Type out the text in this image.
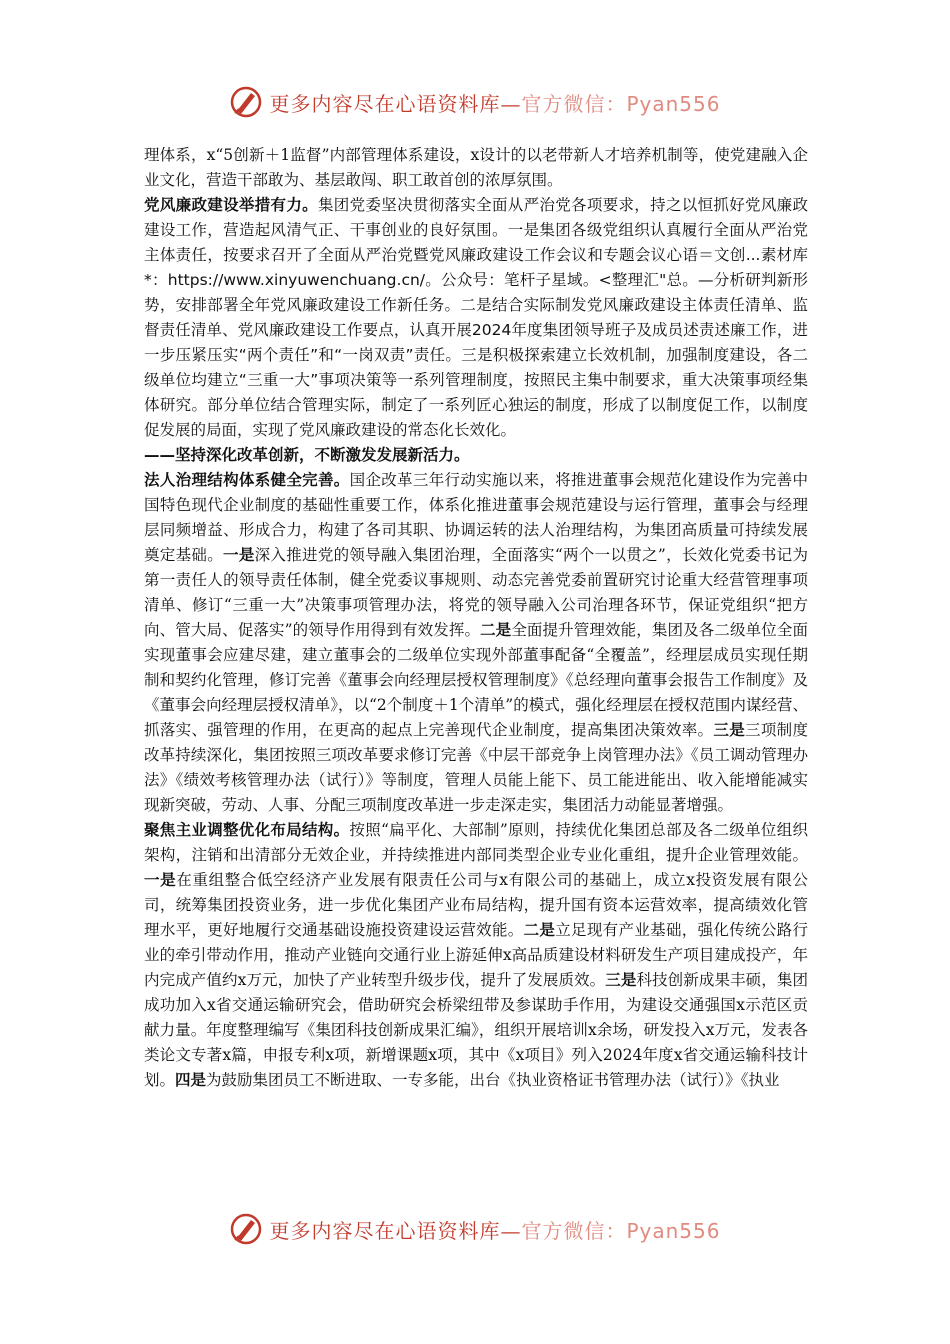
更多内容尽在心语资料库—官方微信：Pyan556

理体系，x“5创新＋1监督”内部管理体系建设，x设计的以老带新人才培养机制等，使党建融入企业文化，营造干部敢为、基层敢闯、职工敢首创的浓厚氛围。

党风廉政建设举措有力。集团党委坚决贯彻落实全面从严治党各项要求，持之以恒抓好党风廉政建设工作，营造起风清气正、干事创业的良好氛围。一是集团各级党组织认真履行全面从严治党主体责任，按要求召开了全面从严治党暨党风廉政建设工作会议和专题会议心语＝文创...素材库*：https://www.xinyuwenchuang.cn/。公众号：笔杆子星域。<整理汇"总。—分析研判新形势，安排部署全年党风廉政建设工作新任务。二是结合实际制发党风廉政建设主体责任清单、监督责任清单、党风廉政建设工作要点，认真开展2024年度集团领导班子及成员述责述廉工作，进一步压紧压实“两个责任”和“一岗双责”责任。三是积极探索建立长效机制，加强制度建设，各二级单位均建立“三重一大”事项决策等一系列管理制度，按照民主集中制要求，重大决策事项经集体研究。部分单位结合管理实际，制定了一系列匠心独运的制度，形成了以制度促工作，以制度促发展的局面，实现了党风廉政建设的常态化长效化。

——坚持深化改革创新，不断激发发展新活力。

法人治理结构体系健全完善。国企改革三年行动实施以来，将推进董事会规范化建设作为完善中国特色现代企业制度的基础性重要工作，体系化推进董事会规范建设与运行管理，董事会与经理层同频增益、形成合力，构建了各司其职、协调运转的法人治理结构，为集团高质量可持续发展奠定基础。一是深入推进党的领导融入集团治理，全面落实“两个一以贯之”，长效化党委书记为第一责任人的领导责任体制，健全党委议事规则、动态完善党委前置研究讨论重大经营管理事项清单、修订“三重一大”决策事项管理办法，将党的领导融入公司治理各环节，保证党组织“把方向、管大局、促落实”的领导作用得到有效发挥。二是全面提升管理效能，集团及各二级单位全面实现董事会应建尽建，建立董事会的二级单位实现外部董事配备“全覆盖”，经理层成员实现任期制和契约化管理，修订完善《董事会向经理层授权管理制度》《总经理向董事会报告工作制度》及《董事会向经理层授权清单》，以“2个制度＋1个清单”的模式，强化经理层在授权范围内谋经营、抓落实、强管理的作用，在更高的起点上完善现代企业制度，提高集团决策效率。三是三项制度改革持续深化，集团按照三项改革要求修订完善《中层干部竞争上岗管理办法》《员工调动管理办法》《绩效考核管理办法（试行）》等制度，管理人员能上能下、员工能进能出、收入能增能减实现新突破，劳动、人事、分配三项制度改革进一步走深走实，集团活力动能显著增强。

聚焦主业调整优化布局结构。按照“扁平化、大部制”原则，持续优化集团总部及各二级单位组织架构，注销和出清部分无效企业，并持续推进内部同类型企业专业化重组，提升企业管理效能。一是在重组整合低空经济产业发展有限责任公司与x有限公司的基础上，成立x投资发展有限公司，统筹集团投资业务，进一步优化集团产业布局结构，提升国有资本运营效率，提高绩效化管理水平，更好地履行交通基础设施投资建设运营效能。二是立足现有产业基础，强化传统公路行业的牵引带动作用，推动产业链向交通行业上游延伸x高品质建设材料研发生产项目建成投产，年内完成产值约x万元，加快了产业转型升级步伐，提升了发展质效。三是科技创新成果丰硕，集团成功加入x省交通运输研究会，借助研究会桥梁纽带及参谋助手作用，为建设交通强国x示范区贡献力量。年度整理编写《集团科技创新成果汇编》，组织开展培训x余场，研发投入x万元，发表各类论文专著x篇，申报专利x项，新增课题x项，其中《x项目》列入2024年度x省交通运输科技计划。四是为鼓励集团员工不断进取、一专多能，出台《执业资格证书管理办法（试行）》《执业

更多内容尽在心语资料库—官方微信：Pyan556
